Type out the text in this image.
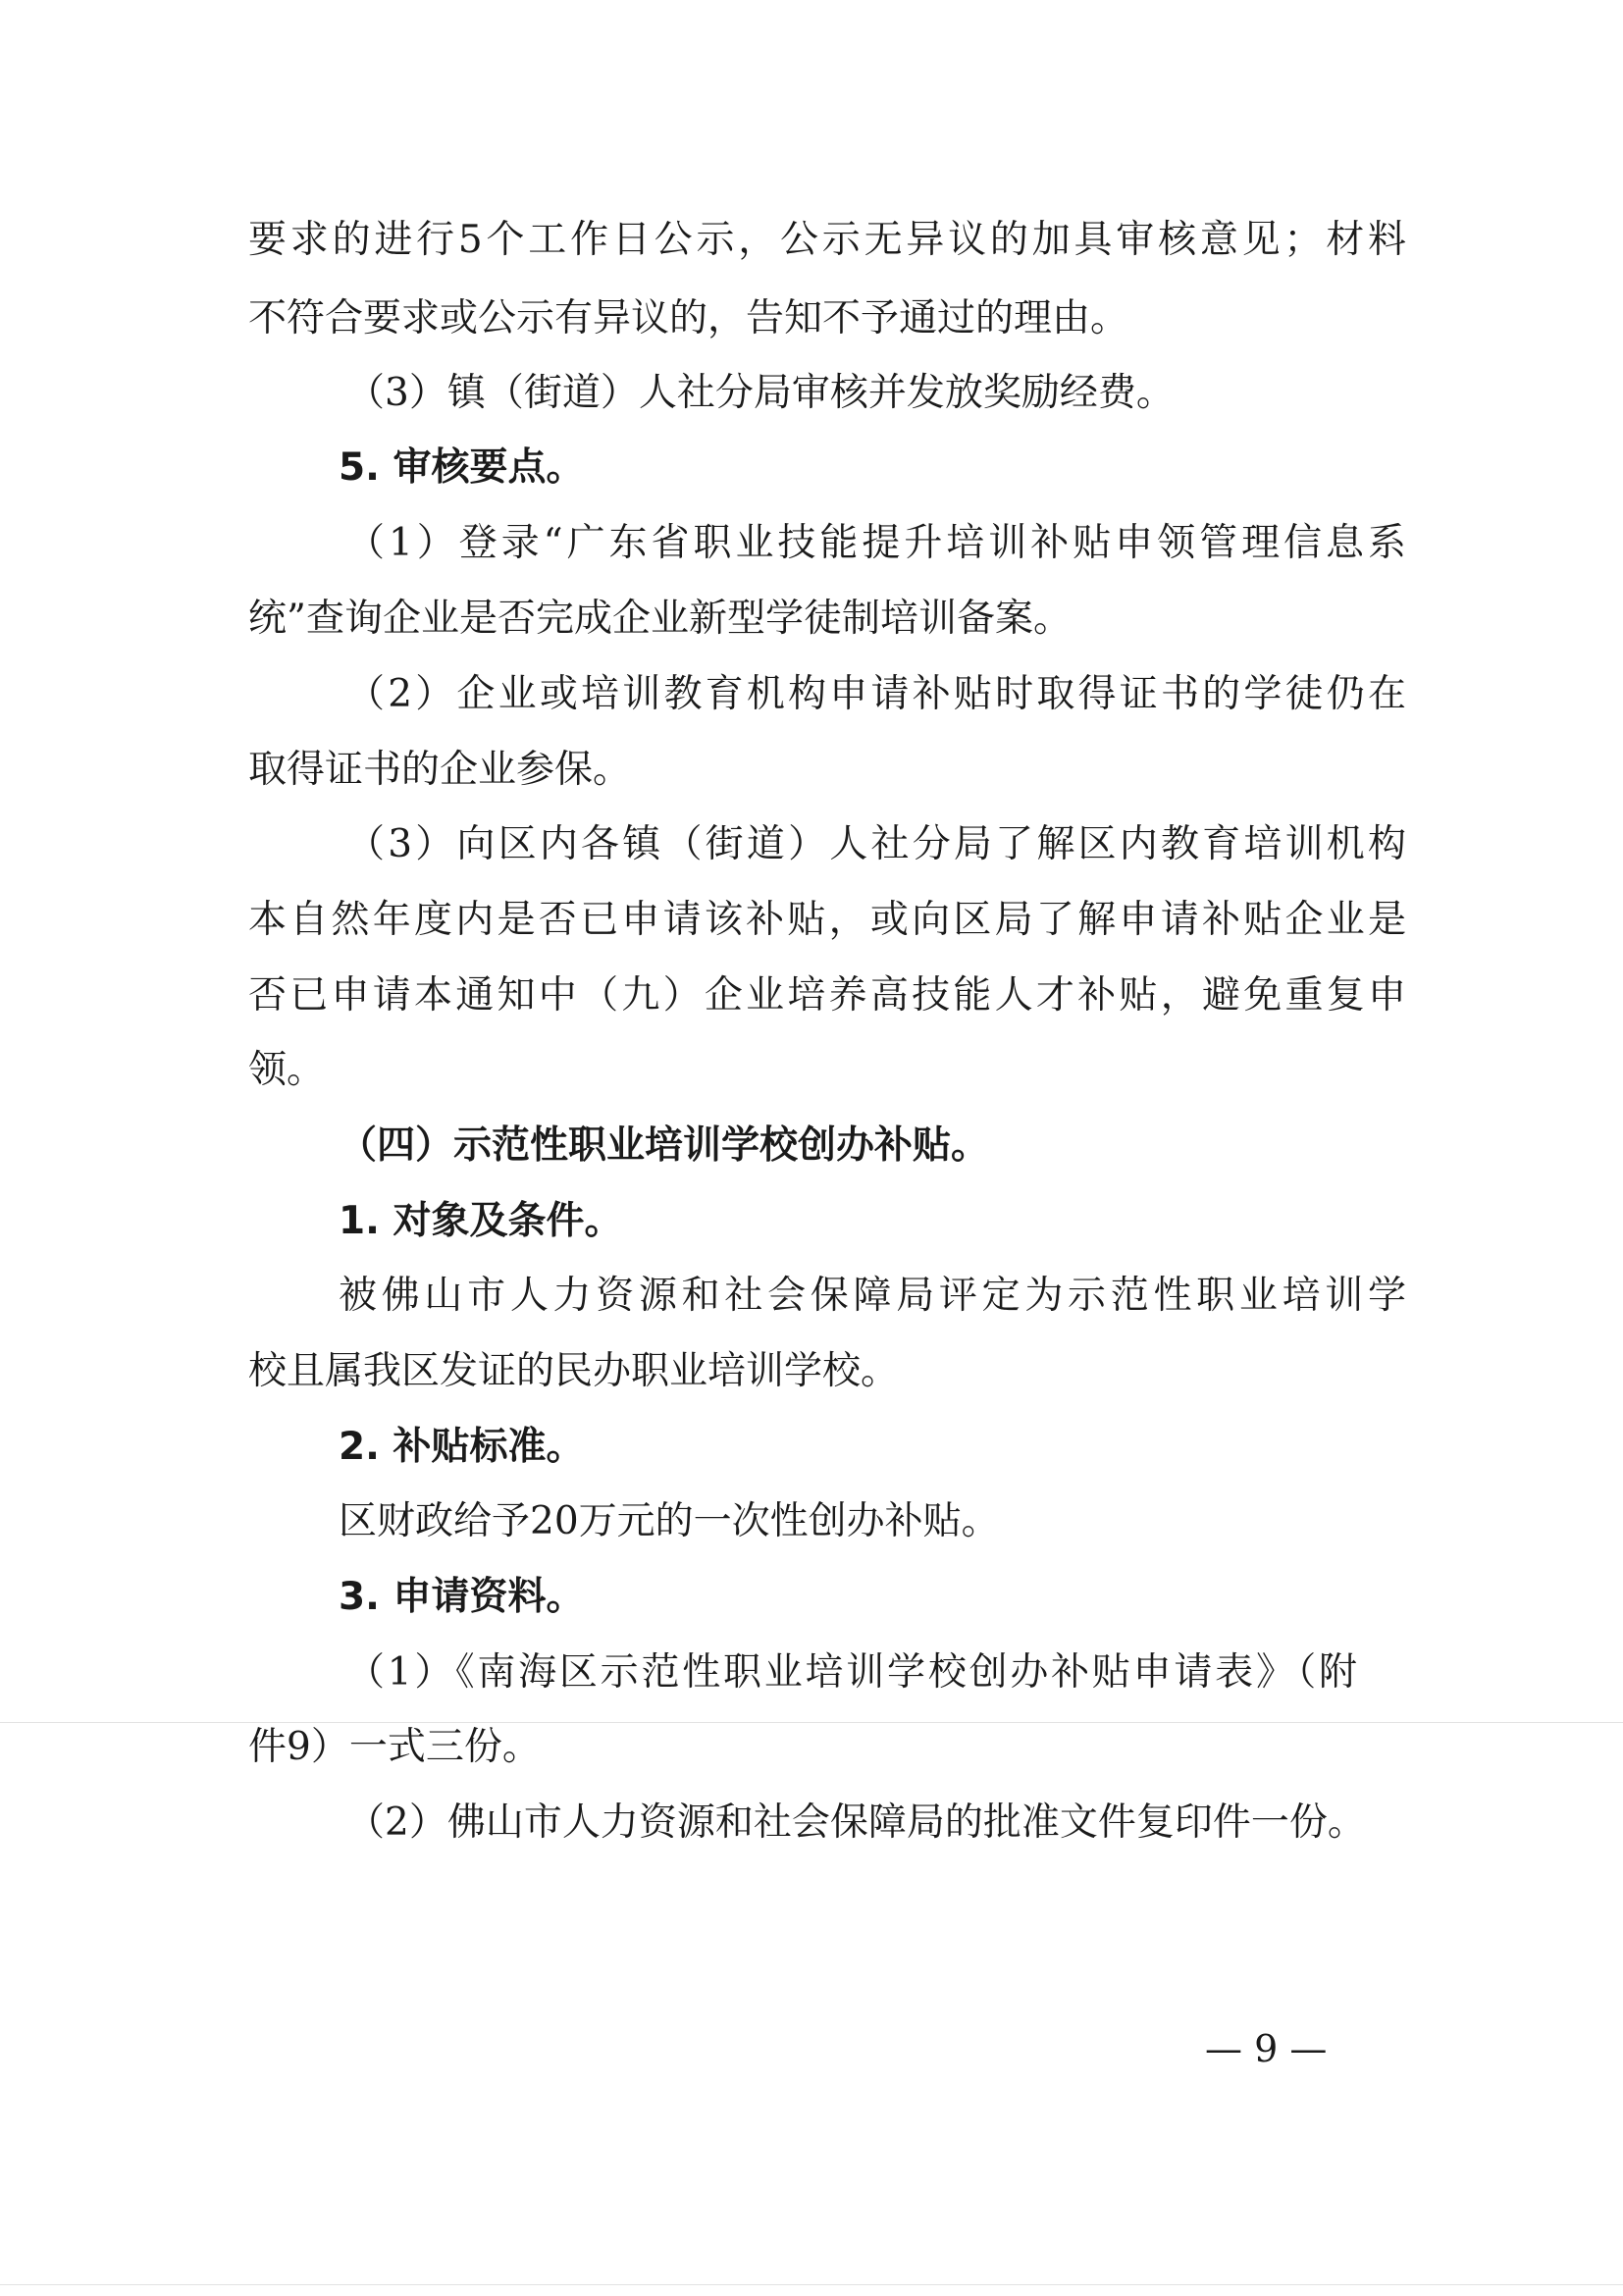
要求的进行5个工作日公示，公示无异议的加具审核意见；材料
不符合要求或公示有异议的，告知不予通过的理由。
（3）镇（街道）人社分局审核并发放奖励经费。
5. 审核要点。
（1）登录“广东省职业技能提升培训补贴申领管理信息系
统”查询企业是否完成企业新型学徒制培训备案。
（2）企业或培训教育机构申请补贴时取得证书的学徒仍在
取得证书的企业参保。
（3）向区内各镇（街道）人社分局了解区内教育培训机构
本自然年度内是否已申请该补贴，或向区局了解申请补贴企业是
否已申请本通知中（九）企业培养高技能人才补贴，避免重复申
领。
（四）示范性职业培训学校创办补贴。
1. 对象及条件。
被佛山市人力资源和社会保障局评定为示范性职业培训学
校且属我区发证的民办职业培训学校。
2. 补贴标准。
区财政给予20万元的一次性创办补贴。
3. 申请资料。
（1）《南海区示范性职业培训学校创办补贴申请表》（附
件9）一式三份。
（2）佛山市人力资源和社会保障局的批准文件复印件一份。
— 9 —
